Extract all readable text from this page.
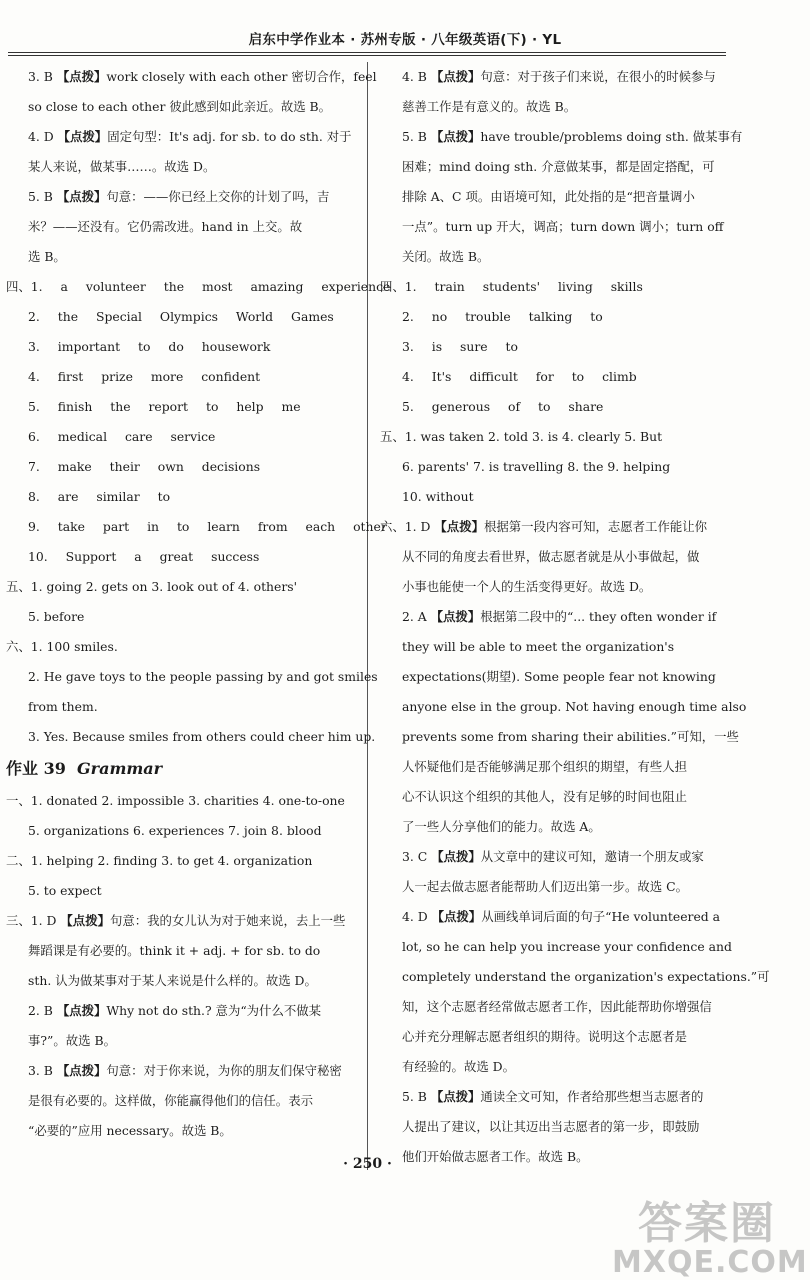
启东中学作业本 · 苏州专版 · 八年级英语(下) · YL
3. B 【点拨】work closely with each other 密切合作，feel
so close to each other 彼此感到如此亲近。故选 B。
4. D 【点拨】固定句型：It's adj. for sb. to do sth. 对于
某人来说，做某事……。故选 D。
5. B 【点拨】句意：——你已经上交你的计划了吗，吉
米？——还没有。它仍需改进。hand in 上交。故
选 B。
四、1. a volunteer the most amazing experience
2. the Special Olympics World Games
3. important to do housework
4. first prize more confident
5. finish the report to help me
6. medical care service
7. make their own decisions
8. are similar to
9. take part in to learn from each other
10. Support a great success
五、1. going 2. gets on 3. look out of 4. others'
5. before
六、1. 100 smiles.
2. He gave toys to the people passing by and got smiles
from them.
3. Yes. Because smiles from others could cheer him up.
作业 39 Grammar
一、1. donated 2. impossible 3. charities 4. one-to-one
5. organizations 6. experiences 7. join 8. blood
二、1. helping 2. finding 3. to get 4. organization
5. to expect
三、1. D 【点拨】句意：我的女儿认为对于她来说，去上一些
舞蹈课是有必要的。think it + adj. + for sb. to do
sth. 认为做某事对于某人来说是什么样的。故选 D。
2. B 【点拨】Why not do sth.? 意为“为什么不做某
事?”。故选 B。
3. B 【点拨】句意：对于你来说，为你的朋友们保守秘密
是很有必要的。这样做，你能赢得他们的信任。表示
“必要的”应用 necessary。故选 B。
4. B 【点拨】句意：对于孩子们来说，在很小的时候参与
慈善工作是有意义的。故选 B。
5. B 【点拨】have trouble/problems doing sth. 做某事有
困难；mind doing sth. 介意做某事，都是固定搭配，可
排除 A、C 项。由语境可知，此处指的是“把音量调小
一点”。turn up 开大，调高；turn down 调小；turn off
关闭。故选 B。
四、1. train students' living skills
2. no trouble talking to
3. is sure to
4. It's difficult for to climb
5. generous of to share
五、1. was taken 2. told 3. is 4. clearly 5. But
6. parents' 7. is travelling 8. the 9. helping
10. without
六、1. D 【点拨】根据第一段内容可知，志愿者工作能让你
从不同的角度去看世界，做志愿者就是从小事做起，做
小事也能使一个人的生活变得更好。故选 D。
2. A 【点拨】根据第二段中的“... they often wonder if
they will be able to meet the organization's
expectations(期望). Some people fear not knowing
anyone else in the group. Not having enough time also
prevents some from sharing their abilities.”可知，一些
人怀疑他们是否能够满足那个组织的期望，有些人担
心不认识这个组织的其他人，没有足够的时间也阻止
了一些人分享他们的能力。故选 A。
3. C 【点拨】从文章中的建议可知，邀请一个朋友或家
人一起去做志愿者能帮助人们迈出第一步。故选 C。
4. D 【点拨】从画线单词后面的句子“He volunteered a
lot, so he can help you increase your confidence and
completely understand the organization's expectations.”可
知，这个志愿者经常做志愿者工作，因此能帮助你增强信
心并充分理解志愿者组织的期待。说明这个志愿者是
有经验的。故选 D。
5. B 【点拨】通读全文可知，作者给那些想当志愿者的
人提出了建议，以让其迈出当志愿者的第一步，即鼓励
他们开始做志愿者工作。故选 B。
· 250 ·
答案圈
MXQE.COM
